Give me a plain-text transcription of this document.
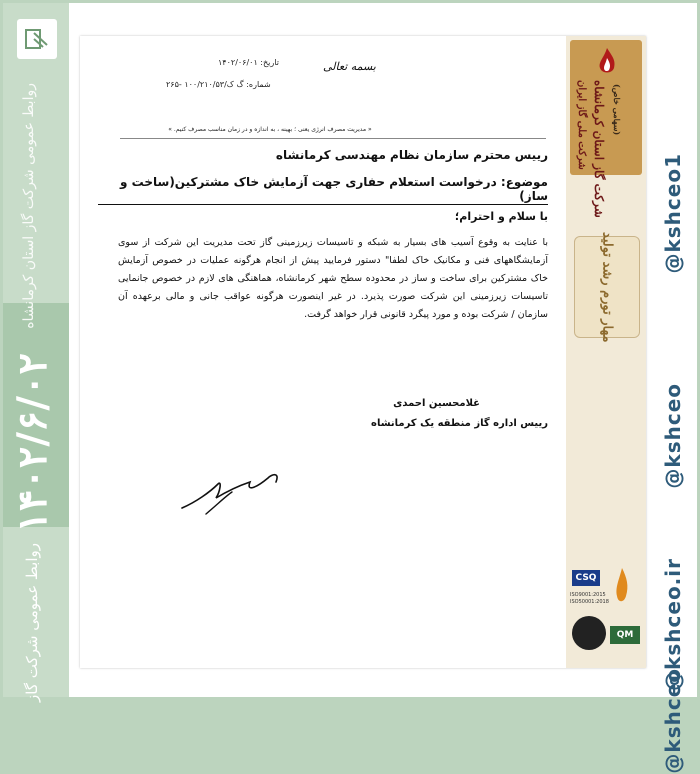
روابط عمومی شرکت گاز استان کرمانشاه
۱۴۰۲/۶/۰۲
روابط عمومی شرکت گاز
@kshceo1
@kshceo
@kshceo.ir
@kshceo
شرکت ملی گاز ایران شرکت گاز استان کرمانشاه (سهامی خاص)
مهار تورم رشد تولید
CSQ
ISO9001:2015 ISO50001:2018
QM
بسمه تعالی
تاریخ: ۱۴۰۲/۰۶/۰۱
شماره: گ ک/۱۰۰/۲۱۰/۵۳ -۲۶۵
« مدیریت مصرف انرژی یعنی ؛ بهینه ، به اندازه و در زمان مناسب مصرف کنیم. »
رییس محترم سازمان نظام مهندسی کرمانشاه
موضوع: درخواست استعلام حفاری جهت آزمایش خاک مشترکین(ساخت و ساز)
با سلام و احترام؛
با عنایت به وقوع آسیب های بسیار به شبکه و تاسیسات زیرزمینی گاز تحت مدیریت این شرکت از سوی آزمایشگاههای فنی و مکانیک خاک لطفا" دستور فرمایید پیش از انجام هرگونه عملیات در خصوص آزمایش خاک مشترکین برای ساخت و ساز در محدوده سطح شهر کرمانشاه، هماهنگی های لازم در خصوص جانمایی تاسیسات زیرزمینی این شرکت صورت پذیرد. در غیر اینصورت هرگونه عواقب جانی و مالی برعهده آن سازمان / شرکت بوده و مورد پیگرد قانونی قرار خواهد گرفت.
غلامحسین احمدی
رییس اداره گاز منطقه یک کرمانشاه
